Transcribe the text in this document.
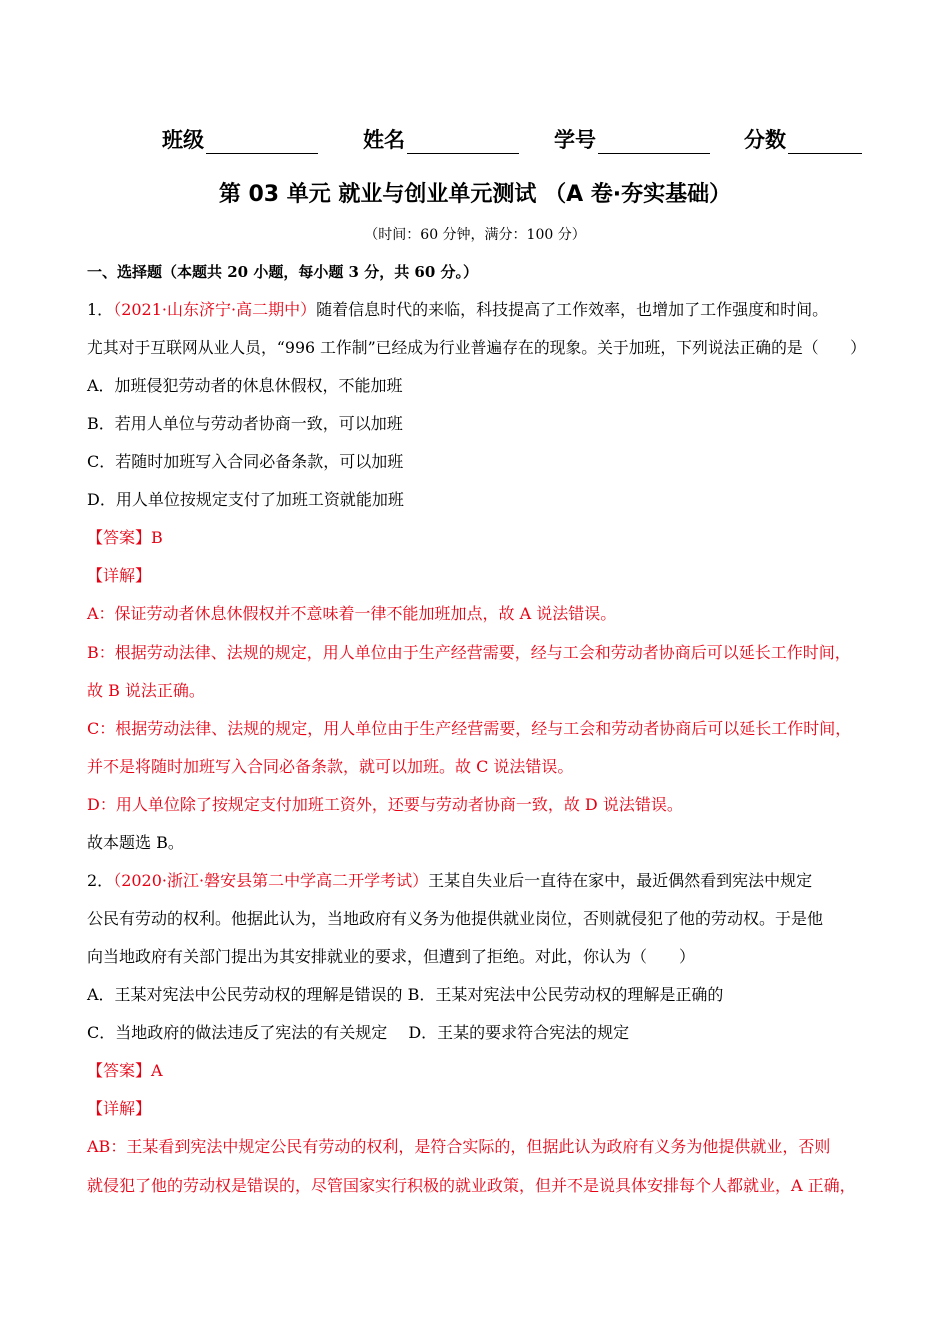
班级	姓名	学号	分数
第 03 单元 就业与创业单元测试 （A 卷·夯实基础）
（时间：60 分钟，满分：100 分）
一、选择题（本题共 20 小题，每小题 3 分，共 60 分。）
1．（2021·山东济宁·高二期中）随着信息时代的来临，科技提高了工作效率，也增加了工作强度和时间。
尤其对于互联网从业人员，“996 工作制”已经成为行业普遍存在的现象。关于加班，下列说法正确的是（　　）
A．加班侵犯劳动者的休息休假权，不能加班
B．若用人单位与劳动者协商一致，可以加班
C．若随时加班写入合同必备条款，可以加班
D．用人单位按规定支付了加班工资就能加班
【答案】B
【详解】
A：保证劳动者休息休假权并不意味着一律不能加班加点，故 A 说法错误。
B：根据劳动法律、法规的规定，用人单位由于生产经营需要，经与工会和劳动者协商后可以延长工作时间，
故 B 说法正确。
C：根据劳动法律、法规的规定，用人单位由于生产经营需要，经与工会和劳动者协商后可以延长工作时间，
并不是将随时加班写入合同必备条款，就可以加班。故 C 说法错误。
D：用人单位除了按规定支付加班工资外，还要与劳动者协商一致，故 D 说法错误。
故本题选 B。
2．（2020·浙江·磐安县第二中学高二开学考试）王某自失业后一直待在家中，最近偶然看到宪法中规定
公民有劳动的权利。他据此认为，当地政府有义务为他提供就业岗位，否则就侵犯了他的劳动权。于是他
向当地政府有关部门提出为其安排就业的要求，但遭到了拒绝。对此，你认为（　　）
A．王某对宪法中公民劳动权的理解是错误的 B．王某对宪法中公民劳动权的理解是正确的
C．当地政府的做法违反了宪法的有关规定　 D．王某的要求符合宪法的规定
【答案】A
【详解】
AB：王某看到宪法中规定公民有劳动的权利，是符合实际的，但据此认为政府有义务为他提供就业，否则
就侵犯了他的劳动权是错误的，尽管国家实行积极的就业政策，但并不是说具体安排每个人都就业，A 正确，
